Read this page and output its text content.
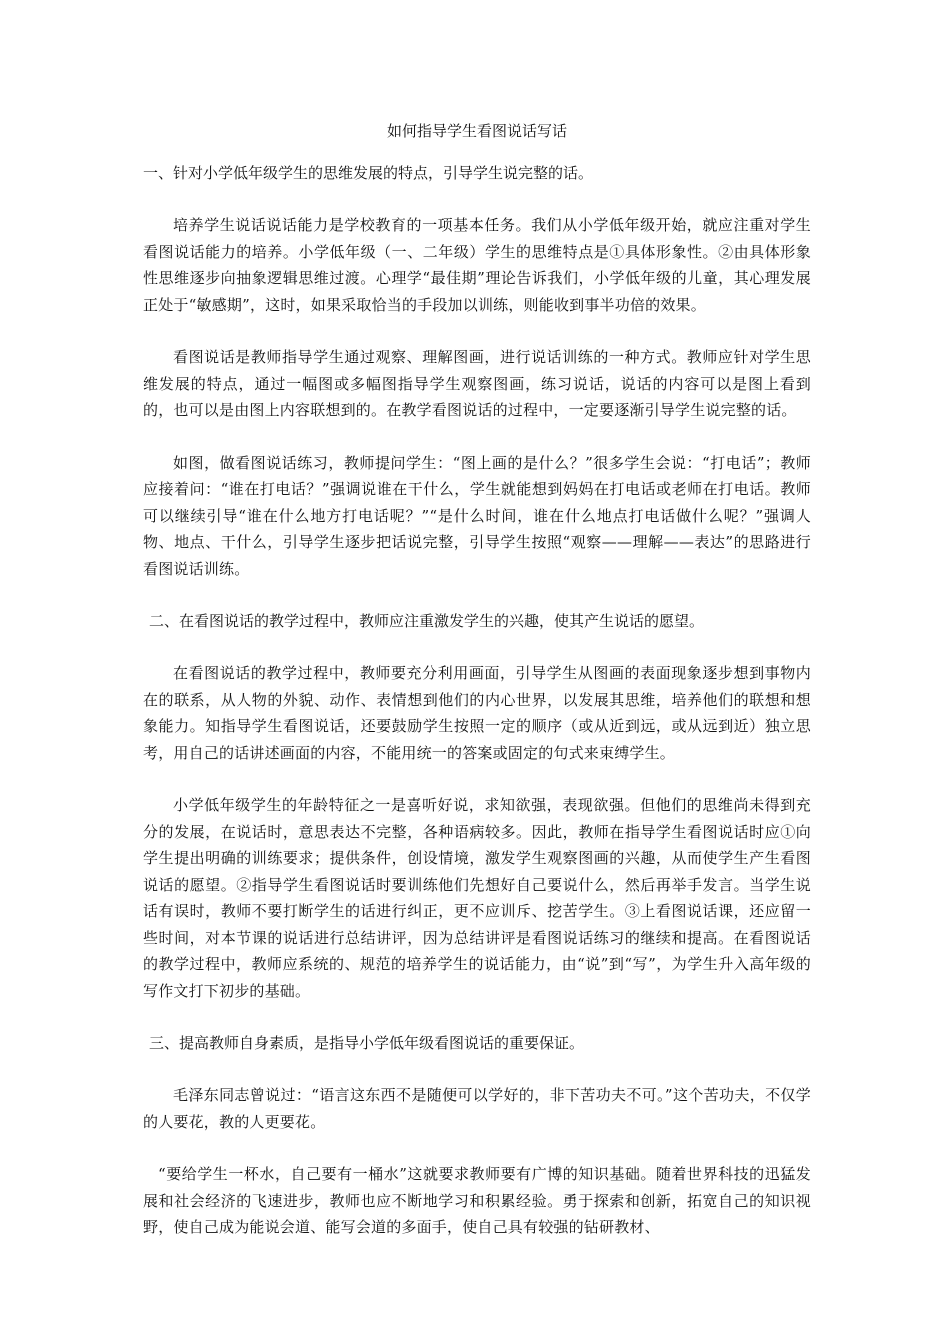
如何指导学生看图说话写话
一、针对小学低年级学生的思维发展的特点，引导学生说完整的话。

培养学生说话说话能力是学校教育的一项基本任务。我们从小学低年级开始，就应注重对学生看图说话能力的培养。小学低年级（一、二年级）学生的思维特点是①具体形象性。②由具体形象性思维逐步向抽象逻辑思维过渡。心理学“最佳期”理论告诉我们，小学低年级的儿童，其心理发展正处于“敏感期”，这时，如果采取恰当的手段加以训练，则能收到事半功倍的效果。

看图说话是教师指导学生通过观察、理解图画，进行说话训练的一种方式。教师应针对学生思维发展的特点，通过一幅图或多幅图指导学生观察图画，练习说话，说话的内容可以是图上看到的，也可以是由图上内容联想到的。在教学看图说话的过程中，一定要逐渐引导学生说完整的话。

如图，做看图说话练习，教师提问学生：“图上画的是什么？”很多学生会说：“打电话”；教师应接着问：“谁在打电话？”强调说谁在干什么，学生就能想到妈妈在打电话或老师在打电话。教师可以继续引导“谁在什么地方打电话呢？”“是什么时间，谁在什么地点打电话做什么呢？”强调人物、地点、干什么，引导学生逐步把话说完整，引导学生按照“观察——理解——表达”的思路进行看图说话训练。

二、在看图说话的教学过程中，教师应注重激发学生的兴趣，使其产生说话的愿望。

在看图说话的教学过程中，教师要充分利用画面，引导学生从图画的表面现象逐步想到事物内在的联系，从人物的外貌、动作、表情想到他们的内心世界，以发展其思维，培养他们的联想和想象能力。知指导学生看图说话，还要鼓励学生按照一定的顺序（或从近到远，或从远到近）独立思考，用自己的话讲述画面的内容，不能用统一的答案或固定的句式来束缚学生。

小学低年级学生的年龄特征之一是喜听好说，求知欲强，表现欲强。但他们的思维尚未得到充分的发展，在说话时，意思表达不完整，各种语病较多。因此，教师在指导学生看图说话时应①向学生提出明确的训练要求；提供条件，创设情境，激发学生观察图画的兴趣，从而使学生产生看图说话的愿望。②指导学生看图说话时要训练他们先想好自己要说什么，然后再举手发言。当学生说话有误时，教师不要打断学生的话进行纠正，更不应训斥、挖苦学生。③上看图说话课，还应留一些时间，对本节课的说话进行总结讲评，因为总结讲评是看图说话练习的继续和提高。在看图说话的教学过程中，教师应系统的、规范的培养学生的说话能力，由“说”到“写”，为学生升入高年级的写作文打下初步的基础。

三、提高教师自身素质，是指导小学低年级看图说话的重要保证。

毛泽东同志曾说过：“语言这东西不是随便可以学好的，非下苦功夫不可。”这个苦功夫，不仅学的人要花，教的人更要花。

“要给学生一杯水，自己要有一桶水”这就要求教师要有广博的知识基础。随着世界科技的迅猛发展和社会经济的飞速进步，教师也应不断地学习和积累经验。勇于探索和创新，拓宽自己的知识视野，使自己成为能说会道、能写会道的多面手，使自己具有较强的钻研教材、
